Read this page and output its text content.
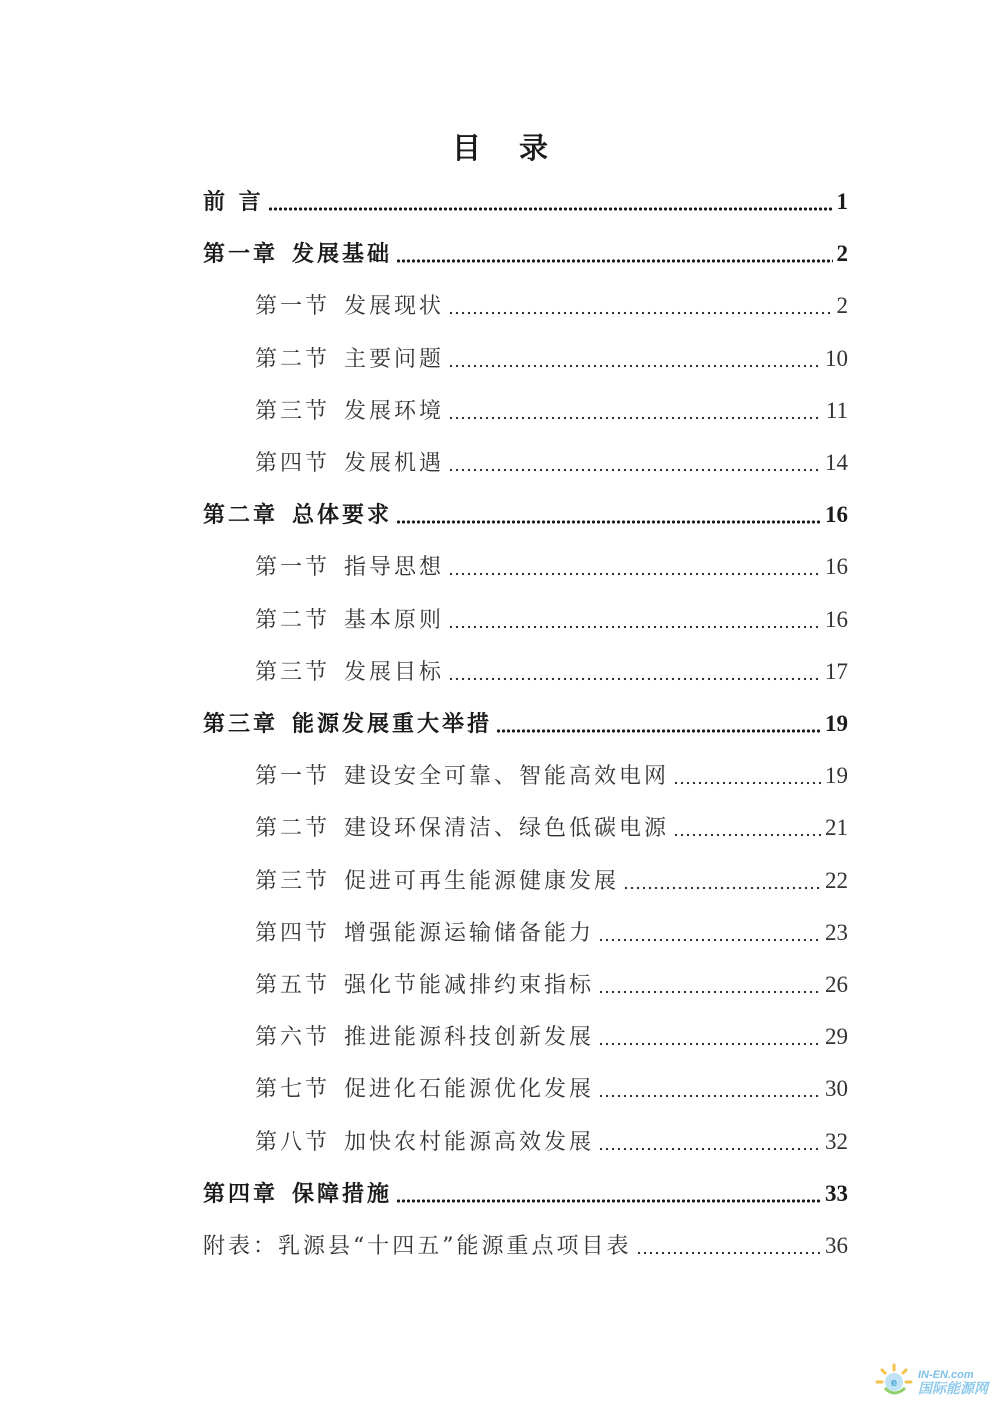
目 录
前 言	1
第一章 发展基础	2
第一节 发展现状	2
第二节 主要问题	10
第三节 发展环境	11
第四节 发展机遇	14
第二章 总体要求	16
第一节 指导思想	16
第二节 基本原则	16
第三节 发展目标	17
第三章 能源发展重大举措	19
第一节 建设安全可靠、智能高效电网	19
第二节 建设环保清洁、绿色低碳电源	21
第三节 促进可再生能源健康发展	22
第四节 增强能源运输储备能力	23
第五节 强化节能减排约束指标	26
第六节 推进能源科技创新发展	29
第七节 促进化石能源优化发展	30
第八节 加快农村能源高效发展	32
第四章 保障措施	33
附表：乳源县“十四五”能源重点项目表	36
e
IN-EN.com
国际能源网
